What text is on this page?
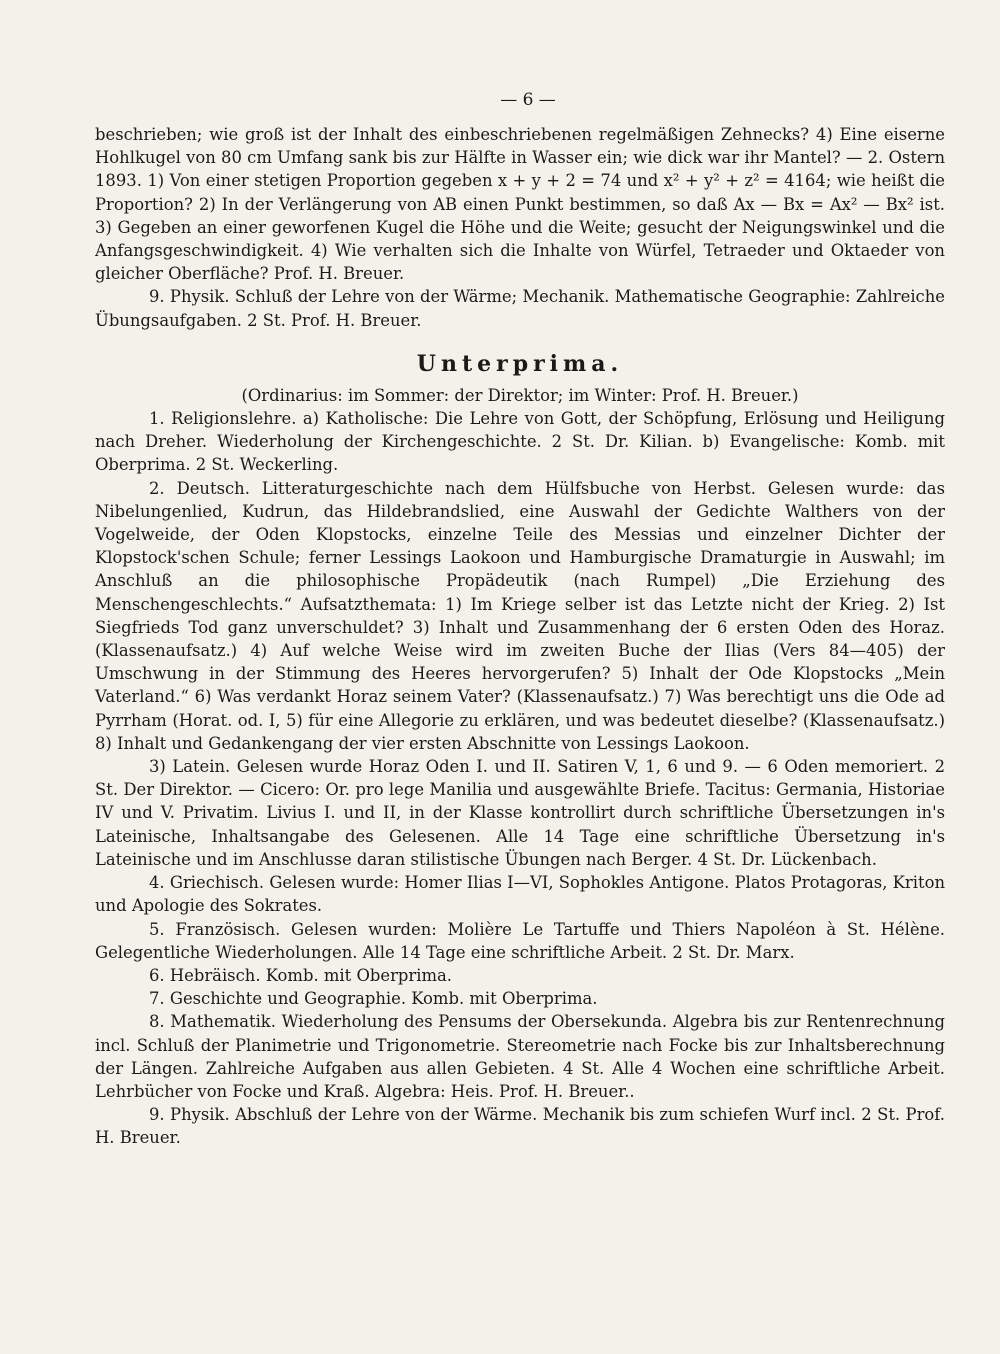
— 6 —

beschrieben; wie groß ist der Inhalt des einbeschriebenen regelmäßigen Zehnecks? 4) Eine eiserne Hohlkugel von 80 cm Umfang sank bis zur Hälfte in Wasser ein; wie dick war ihr Mantel? — 2. Ostern 1893. 1) Von einer stetigen Proportion gegeben x + y + 2 = 74 und x² + y² + z² = 4164; wie heißt die Proportion? 2) In der Verlängerung von AB einen Punkt bestimmen, so daß Ax — Bx = Ax² — Bx² ist. 3) Gegeben an einer geworfenen Kugel die Höhe und die Weite; gesucht der Neigungswinkel und die Anfangsgeschwindigkeit. 4) Wie verhalten sich die Inhalte von Würfel, Tetraeder und Oktaeder von gleicher Oberfläche? Prof. H. Breuer.

9. Physik. Schluß der Lehre von der Wärme; Mechanik. Mathematische Geographie: Zahlreiche Übungsaufgaben. 2 St. Prof. H. Breuer.

Unterprima.

(Ordinarius: im Sommer: der Direktor; im Winter: Prof. H. Breuer.)

1. Religionslehre. a) Katholische: Die Lehre von Gott, der Schöpfung, Erlösung und Heiligung nach Dreher. Wiederholung der Kirchengeschichte. 2 St. Dr. Kilian. b) Evangelische: Komb. mit Oberprima. 2 St. Weckerling.

2. Deutsch. Litteraturgeschichte nach dem Hülfsbuche von Herbst. Gelesen wurde: das Nibelungenlied, Kudrun, das Hildebrandslied, eine Auswahl der Gedichte Walthers von der Vogelweide, der Oden Klopstocks, einzelne Teile des Messias und einzelner Dichter der Klopstock'schen Schule; ferner Lessings Laokoon und Hamburgische Dramaturgie in Auswahl; im Anschluß an die philosophische Propädeutik (nach Rumpel) „Die Erziehung des Menschengeschlechts.“ Aufsatzthemata: 1) Im Kriege selber ist das Letzte nicht der Krieg. 2) Ist Siegfrieds Tod ganz unverschuldet? 3) Inhalt und Zusammenhang der 6 ersten Oden des Horaz. (Klassenaufsatz.) 4) Auf welche Weise wird im zweiten Buche der Ilias (Vers 84—405) der Umschwung in der Stimmung des Heeres hervorgerufen? 5) Inhalt der Ode Klopstocks „Mein Vaterland.“ 6) Was verdankt Horaz seinem Vater? (Klassenaufsatz.) 7) Was berechtigt uns die Ode ad Pyrrham (Horat. od. I, 5) für eine Allegorie zu erklären, und was bedeutet dieselbe? (Klassenaufsatz.) 8) Inhalt und Gedankengang der vier ersten Abschnitte von Lessings Laokoon.

3) Latein. Gelesen wurde Horaz Oden I. und II. Satiren V, 1, 6 und 9. — 6 Oden memoriert. 2 St. Der Direktor. — Cicero: Or. pro lege Manilia und ausgewählte Briefe. Tacitus: Germania, Historiae IV und V. Privatim. Livius I. und II, in der Klasse kontrollirt durch schriftliche Übersetzungen in's Lateinische, Inhaltsangabe des Gelesenen. Alle 14 Tage eine schriftliche Übersetzung in's Lateinische und im Anschlusse daran stilistische Übungen nach Berger. 4 St. Dr. Lückenbach.

4. Griechisch. Gelesen wurde: Homer Ilias I—VI, Sophokles Antigone. Platos Protagoras, Kriton und Apologie des Sokrates.

5. Französisch. Gelesen wurden: Molière Le Tartuffe und Thiers Napoléon à St. Hélène. Gelegentliche Wiederholungen. Alle 14 Tage eine schriftliche Arbeit. 2 St. Dr. Marx.

6. Hebräisch. Komb. mit Oberprima.

7. Geschichte und Geographie. Komb. mit Oberprima.

8. Mathematik. Wiederholung des Pensums der Obersekunda. Algebra bis zur Rentenrechnung incl. Schluß der Planimetrie und Trigonometrie. Stereometrie nach Focke bis zur Inhaltsberechnung der Längen. Zahlreiche Aufgaben aus allen Gebieten. 4 St. Alle 4 Wochen eine schriftliche Arbeit. Lehrbücher von Focke und Kraß. Algebra: Heis. Prof. H. Breuer..

9. Physik. Abschluß der Lehre von der Wärme. Mechanik bis zum schiefen Wurf incl. 2 St. Prof. H. Breuer.
